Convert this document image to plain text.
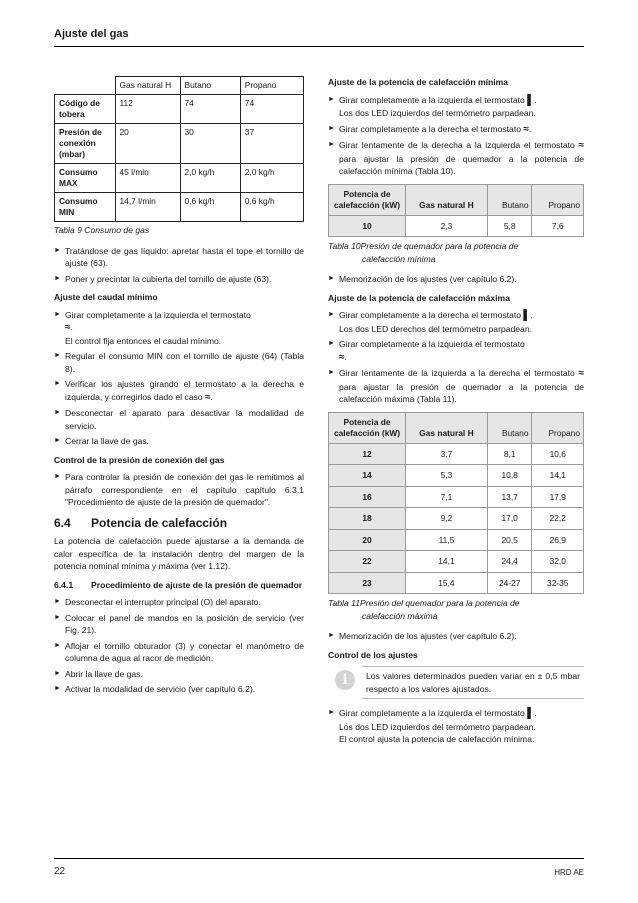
Ajuste del gas
	Gas natural H	Butano	Propano
Código de tobera	112	74	74
Presión de conexión (mbar)	20	30	37
Consumo MAX	45 l/min	2,0 kg/h	2,0 kg/h
Consumo MIN	14,7 l/min	0,6 kg/h	0,6 kg/h
Tabla 9 Consumo de gas
► Tratándose de gas líquido: apretar hasta el tope el tornillo de ajuste (63).
► Poner y precintar la cubierta del tornillo de ajuste (63).
Ajuste del caudal mínimo
► Girar completamente a la izquierda el termostato
≈.
El control fija entonces el caudal mínimo.
► Regular el consumo MIN con el tornillo de ajuste (64) (Tabla 8).
► Verificar los ajustes girando el termostato a la derecha e izquierda, y corregirlos dado el caso ≈.
► Desconectar el aparato para desactivar la modalidad de servicio.
► Cerrar la llave de gas.
Control de la presión de conexión del gas
► Para controlar la presión de conexión del gas le remitimos al párrafo correspondiente en el capítulo capítulo 6.3.1 "Procedimiento de ajuste de la presión de quemador".
6.4	Potencia de calefacción
La potencia de calefacción puede ajustarse a la demanda de calor específica de la instalación dentro del margen de la potencia nominal mínima y máxima (ver 1.12).
6.4.1	Procedimiento de ajuste de la presión de quemador
► Desconectar el interruptor principal (O) del aparato.
► Colocar el panel de mandos en la posición de servicio (ver Fig. 21).
► Aflojar el tornillo obturador (3) y conectar el manómetro de columna de agua al racor de medición.
► Abrir la llave de gas.
► Activar la modalidad de servicio (ver capítulo 6.2).
Ajuste de la potencia de calefacción mínima
► Girar completamente a la izquierda el termostato ▌.
Los dos LED izquierdos del termómetro parpadean.
► Girar completamente a la derecha el termostato ≈.
► Girar lentamente de la derecha a la izquierda el termostato ≈ para ajustar la presión de quemador a la potencia de calefacción mínima (Tabla 10).
Potencia de calefacción (kW)	Gas natural H	Butano	Propano
10	2,3	5,8	7,6
Tabla 10Presión de quemador para la potencia de
calefacción mínima
► Memorización de los ajustes (ver capítulo 6.2).
Ajuste de la potencia de calefacción máxima
► Girar completamente a la derecha el termostato ▌.
Los dos LED derechos del termómetro parpadean.
► Girar completamente a la izquierda el termostato
≈.
► Girar lentamente de la izquierda a la derecha el termostato ≈ para ajustar la presión de quemador a la potencia de calefacción máxima (Tabla 11).
Potencia de calefacción (kW)	Gas natural H	Butano	Propano
12	3,7	8,1	10,6
14	5,3	10,8	14,1
16	7,1	13,7	17,9
18	9,2	17,0	22,2
20	11,5	20,5	26,9
22	14,1	24,4	32,0
23	15,4	24-27	32-35
Tabla 11Presión del quemador para la potencia de
calefacción máxima
► Memorización de los ajustes (ver capítulo 6.2).
Control de los ajustes
i	Los valores determinados pueden variar en ± 0,5 mbar respecto a los valores ajustados.
► Girar completamente a la izquierda el termostato ▌.
Los dos LED izquierdos del termómetro parpadean.
El control ajusta la potencia de calefacción mínima.
22	HRD AE
